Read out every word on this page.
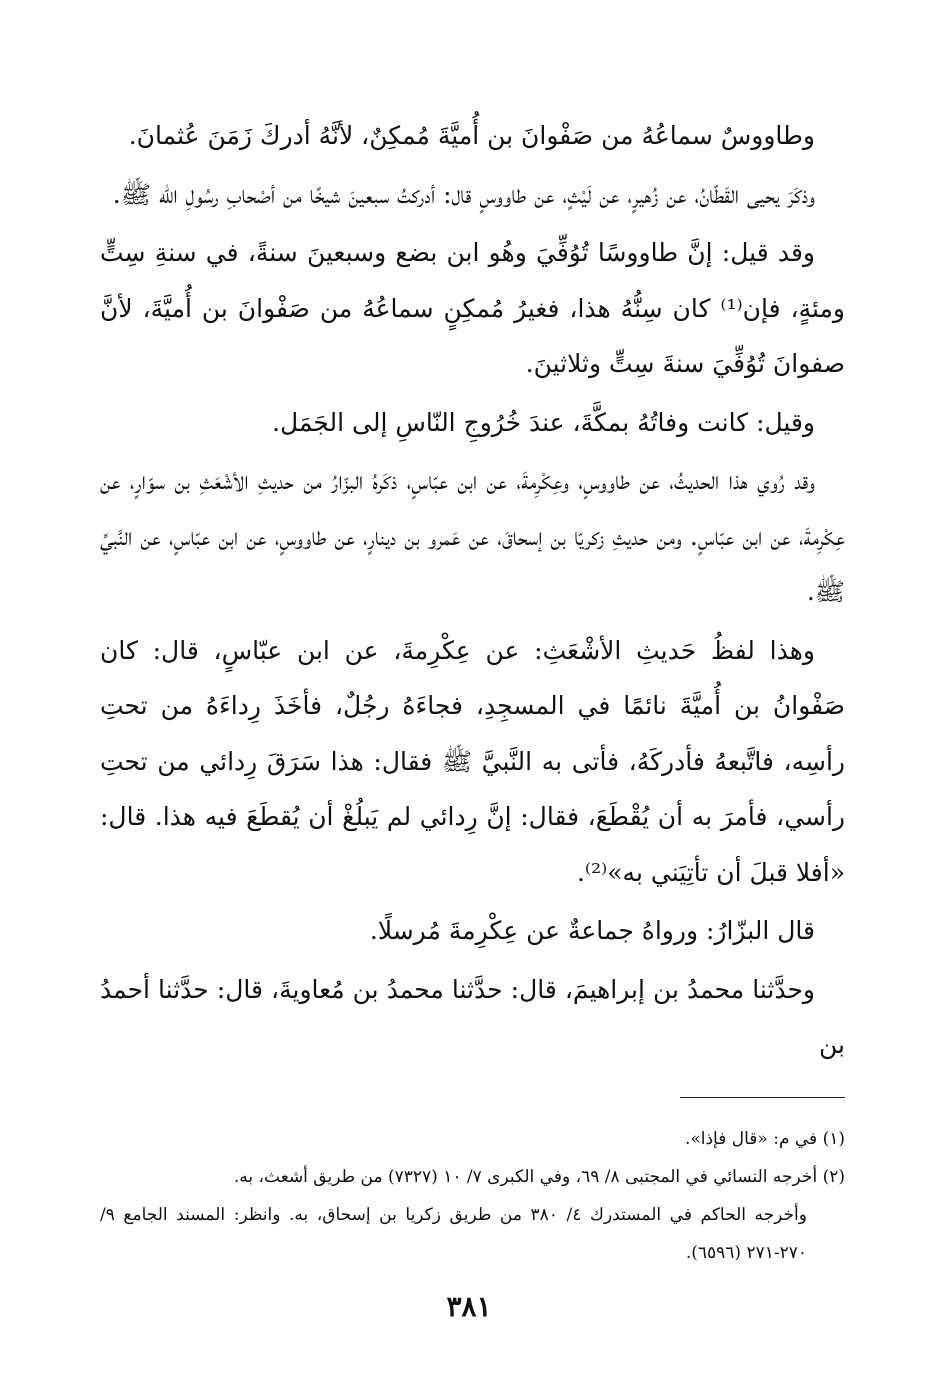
وطاووسٌ سماعُهُ من صَفْوانَ بن أُميَّةَ مُمكِنٌ، لأنَّهُ أدركَ زَمَنَ عُثمانَ.

وذكَرَ يحيى القَطّانُ، عن زُهيرٍ، عن لَيْثٍ، عن طاووسٍ قال: أدركتُ سبعينَ شيخًا من أصْحابِ رسُولِ الله ﷺ.

وقد قيل: إنَّ طاووسًا تُوُفِّيَ وهُو ابن بضع وسبعينَ سنةً، في سنةِ سِتٍّ ومئةٍ، فإن⁽¹⁾ كان سِنُّهُ هذا، فغيرُ مُمكِنٍ سماعُهُ من صَفْوانَ بن أُميَّةَ، لأنَّ صفوانَ تُوُفِّيَ سنةَ سِتٍّ وثلاثينَ.

وقيل: كانت وفاتُهُ بمكَّةَ، عندَ خُرُوجِ النّاسِ إلى الجَمَل.

وقد رُوي هذا الحديثُ، عن طاووسٍ، وعِكْرِمةَ، عن ابن عبّاسٍ، ذكَرهُ البزّارُ من حديثِ الأشْعَثِ بن سوّارٍ، عن عِكْرِمةَ، عن ابن عبّاسٍ. ومن حديثِ زكريّا بن إسحاقَ، عن عَمرو بن دينارٍ، عن طاووسٍ، عن ابن عبّاسٍ، عن النَّبيِّ ﷺ.

وهذا لفظُ حَديثِ الأشْعَثِ: عن عِكْرِمةَ، عن ابن عبّاسٍ، قال: كان صَفْوانُ بن أُميَّةَ نائمًا في المسجِدِ، فجاءَهُ رجُلٌ، فأخَذَ رِداءَهُ من تحتِ رأسِه، فاتَّبعهُ فأدركَهُ، فأتى به النَّبيَّ ﷺ فقال: هذا سَرَقَ رِدائي من تحتِ رأسي، فأمرَ به أن يُقْطَعَ، فقال: إنَّ رِدائي لم يَبلُغْ أن يُقطَعَ فيه هذا. قال: «أفلا قبلَ أن تأتِيَني به»⁽²⁾.

قال البزّارُ: ورواهُ جماعةٌ عن عِكْرِمةَ مُرسلًا.

وحدَّثنا محمدُ بن إبراهيمَ، قال: حدَّثنا محمدُ بن مُعاويةَ، قال: حدَّثنا أحمدُ بن

(١) في م: «قال فإذا».

(٢) أخرجه النسائي في المجتبى ٨/ ٦٩، وفي الكبرى ٧/ ١٠ (٧٣٢٧) من طريق أشعث، به.

وأخرجه الحاكم في المستدرك ٤/ ٣٨٠ من طريق زكريا بن إسحاق، به. وانظر: المسند الجامع ٩/ ٢٧٠-٢٧١ (٦٥٩٦).

٣٨١
